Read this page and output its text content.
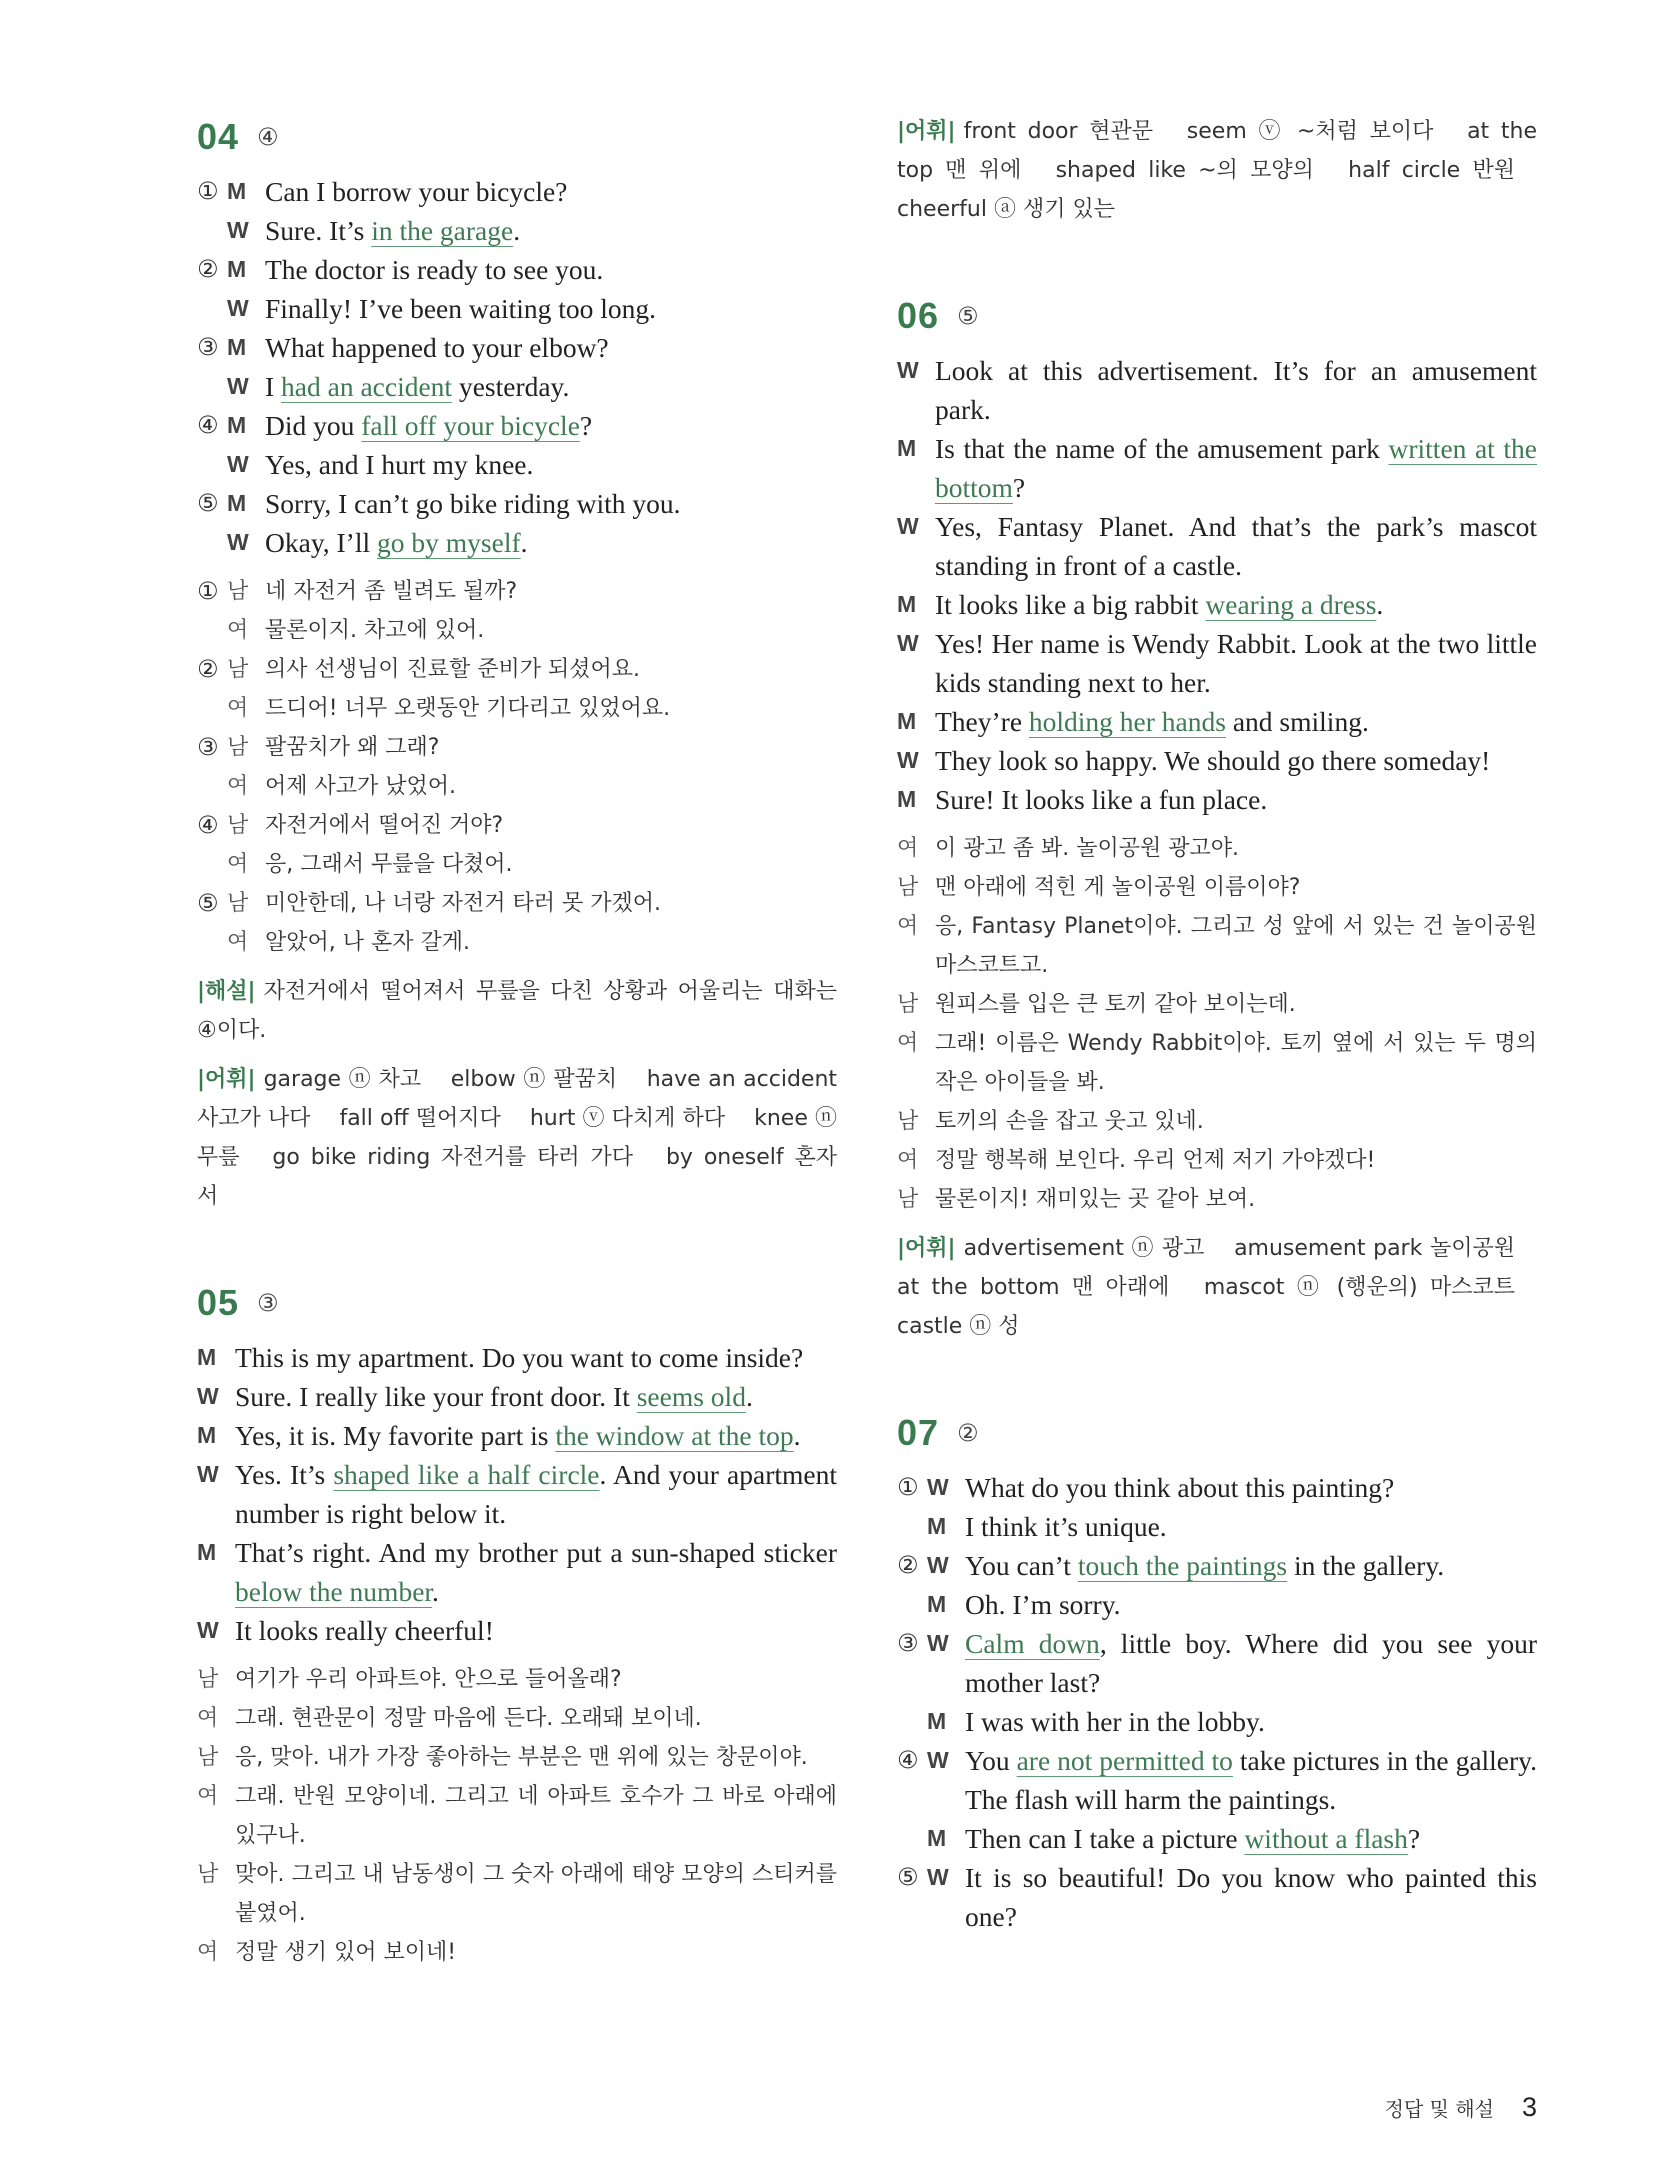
04 ④
① M Can I borrow your bicycle?
W Sure. It’s in the garage.
② M The doctor is ready to see you.
W Finally! I’ve been waiting too long.
③ M What happened to your elbow?
W I had an accident yesterday.
④ M Did you fall off your bicycle?
W Yes, and I hurt my knee.
⑤ M Sorry, I can’t go bike riding with you.
W Okay, I’ll go by myself.
① 남 네 자전거 좀 빌려도 될까?
여 물론이지. 차고에 있어.
② 남 의사 선생님이 진료할 준비가 되셨어요.
여 드디어! 너무 오랫동안 기다리고 있었어요.
③ 남 팔꿈치가 왜 그래?
여 어제 사고가 났었어.
④ 남 자전거에서 떨어진 거야?
여 응, 그래서 무릎을 다쳤어.
⑤ 남 미안한데, 나 너랑 자전거 타러 못 가겠어.
여 알았어, 나 혼자 갈게.
|해설| 자전거에서 떨어져서 무릎을 다친 상황과 어울리는 대화는 ④이다.
|어휘| garage ⓝ 차고 elbow ⓝ 팔꿈치 have an accident 사고가 나다 fall off 떨어지다 hurt ⓥ 다치게 하다 knee ⓝ 무릎 go bike riding 자전거를 타러 가다 by oneself 혼자서
05 ③
M This is my apartment. Do you want to come inside?
W Sure. I really like your front door. It seems old.
M Yes, it is. My favorite part is the window at the top.
W Yes. It’s shaped like a half circle. And your apartment number is right below it.
M That’s right. And my brother put a sun-shaped sticker below the number.
W It looks really cheerful!
남 여기가 우리 아파트야. 안으로 들어올래?
여 그래. 현관문이 정말 마음에 든다. 오래돼 보이네.
남 응, 맞아. 내가 가장 좋아하는 부분은 맨 위에 있는 창문이야.
여 그래. 반원 모양이네. 그리고 네 아파트 호수가 그 바로 아래에 있구나.
남 맞아. 그리고 내 남동생이 그 숫자 아래에 태양 모양의 스티커를 붙였어.
여 정말 생기 있어 보이네!
|어휘| front door 현관문 seem ⓥ ~처럼 보이다 at the top 맨 위에 shaped like ~의 모양의 half circle 반원 cheerful ⓐ 생기 있는
06 ⑤
W Look at this advertisement. It’s for an amusement park.
M Is that the name of the amusement park written at the bottom?
W Yes, Fantasy Planet. And that’s the park’s mascot standing in front of a castle.
M It looks like a big rabbit wearing a dress.
W Yes! Her name is Wendy Rabbit. Look at the two little kids standing next to her.
M They’re holding her hands and smiling.
W They look so happy. We should go there someday!
M Sure! It looks like a fun place.
여 이 광고 좀 봐. 놀이공원 광고야.
남 맨 아래에 적힌 게 놀이공원 이름이야?
여 응, Fantasy Planet이야. 그리고 성 앞에 서 있는 건 놀이공원 마스코트고.
남 원피스를 입은 큰 토끼 같아 보이는데.
여 그래! 이름은 Wendy Rabbit이야. 토끼 옆에 서 있는 두 명의 작은 아이들을 봐.
남 토끼의 손을 잡고 웃고 있네.
여 정말 행복해 보인다. 우리 언제 저기 가야겠다!
남 물론이지! 재미있는 곳 같아 보여.
|어휘| advertisement ⓝ 광고 amusement park 놀이공원 at the bottom 맨 아래에 mascot ⓝ (행운의) 마스코트 castle ⓝ 성
07 ②
① W What do you think about this painting?
M I think it’s unique.
② W You can’t touch the paintings in the gallery.
M Oh. I’m sorry.
③ W Calm down, little boy. Where did you see your mother last?
M I was with her in the lobby.
④ W You are not permitted to take pictures in the gallery. The flash will harm the paintings.
M Then can I take a picture without a flash?
⑤ W It is so beautiful! Do you know who painted this one?
정답 및 해설 3
